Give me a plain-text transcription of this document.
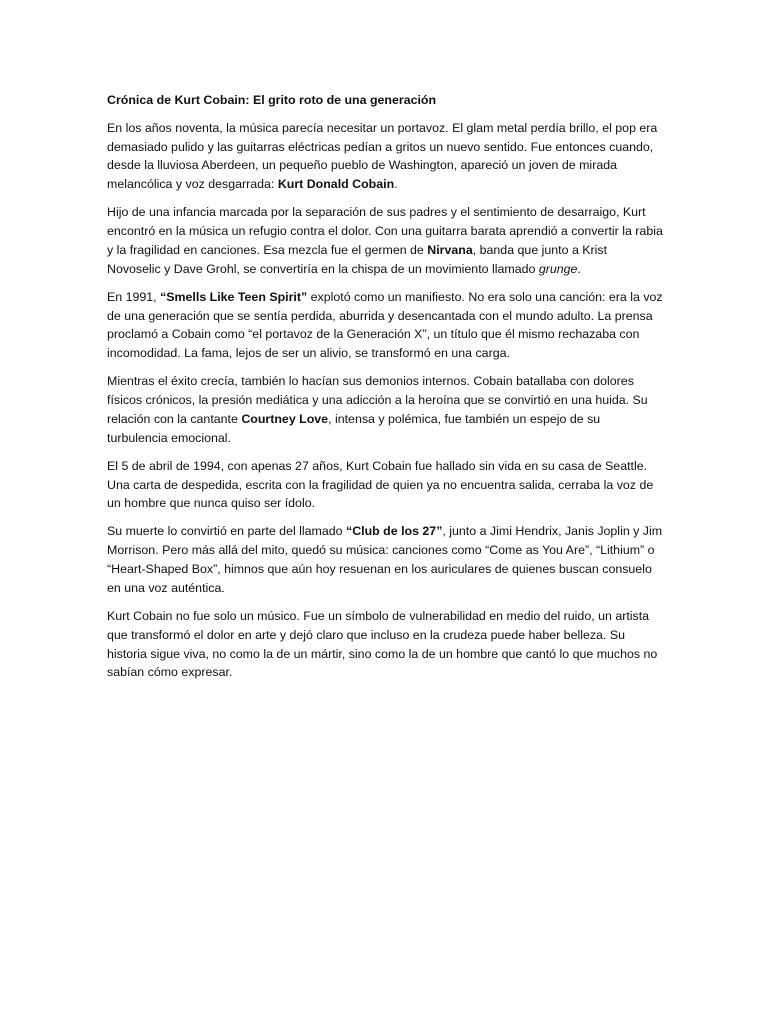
Crónica de Kurt Cobain: El grito roto de una generación

En los años noventa, la música parecía necesitar un portavoz. El glam metal perdía brillo, el pop era demasiado pulido y las guitarras eléctricas pedían a gritos un nuevo sentido. Fue entonces cuando, desde la lluviosa Aberdeen, un pequeño pueblo de Washington, apareció un joven de mirada melancólica y voz desgarrada: Kurt Donald Cobain.

Hijo de una infancia marcada por la separación de sus padres y el sentimiento de desarraigo, Kurt encontró en la música un refugio contra el dolor. Con una guitarra barata aprendió a convertir la rabia y la fragilidad en canciones. Esa mezcla fue el germen de Nirvana, banda que junto a Krist Novoselic y Dave Grohl, se convertiría en la chispa de un movimiento llamado grunge.

En 1991, “Smells Like Teen Spirit” explotó como un manifiesto. No era solo una canción: era la voz de una generación que se sentía perdida, aburrida y desencantada con el mundo adulto. La prensa proclamó a Cobain como “el portavoz de la Generación X”, un título que él mismo rechazaba con incomodidad. La fama, lejos de ser un alivio, se transformó en una carga.

Mientras el éxito crecía, también lo hacían sus demonios internos. Cobain batallaba con dolores físicos crónicos, la presión mediática y una adicción a la heroína que se convirtió en una huida. Su relación con la cantante Courtney Love, intensa y polémica, fue también un espejo de su turbulencia emocional.

El 5 de abril de 1994, con apenas 27 años, Kurt Cobain fue hallado sin vida en su casa de Seattle. Una carta de despedida, escrita con la fragilidad de quien ya no encuentra salida, cerraba la voz de un hombre que nunca quiso ser ídolo.

Su muerte lo convirtió en parte del llamado “Club de los 27”, junto a Jimi Hendrix, Janis Joplin y Jim Morrison. Pero más allá del mito, quedó su música: canciones como “Come as You Are”, “Lithium” o “Heart-Shaped Box”, himnos que aún hoy resuenan en los auriculares de quienes buscan consuelo en una voz auténtica.

Kurt Cobain no fue solo un músico. Fue un símbolo de vulnerabilidad en medio del ruido, un artista que transformó el dolor en arte y dejó claro que incluso en la crudeza puede haber belleza. Su historia sigue viva, no como la de un mártir, sino como la de un hombre que cantó lo que muchos no sabían cómo expresar.
